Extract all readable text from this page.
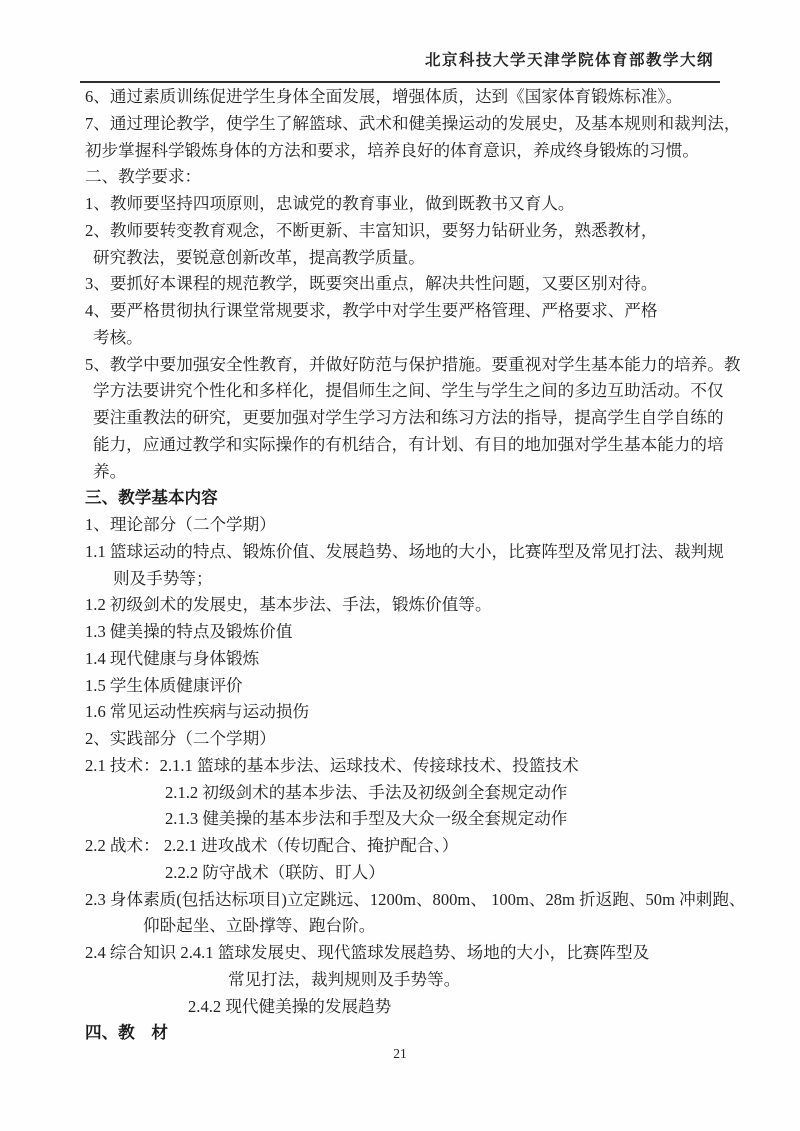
北京科技大学天津学院体育部教学大纲

6、通过素质训练促进学生身体全面发展，增强体质，达到《国家体育锻炼标准》。

7、通过理论教学，使学生了解篮球、武术和健美操运动的发展史，及基本规则和裁判法，

初步掌握科学锻炼身体的方法和要求，培养良好的体育意识，养成终身锻炼的习惯。

二、教学要求：

1、教师要坚持四项原则，忠诚党的教育事业，做到既教书又育人。

2、教师要转变教育观念，不断更新、丰富知识，要努力钻研业务，熟悉教材，

研究教法，要锐意创新改革，提高教学质量。

3、要抓好本课程的规范教学，既要突出重点，解决共性问题，又要区别对待。

4、要严格贯彻执行课堂常规要求，教学中对学生要严格管理、严格要求、严格

考核。

5、教学中要加强安全性教育，并做好防范与保护措施。要重视对学生基本能力的培养。教

学方法要讲究个性化和多样化，提倡师生之间、学生与学生之间的多边互助活动。不仅

要注重教法的研究，更要加强对学生学习方法和练习方法的指导，提高学生自学自练的

能力，应通过教学和实际操作的有机结合，有计划、有目的地加强对学生基本能力的培

养。

三、教学基本内容

1、理论部分（二个学期）

1.1 篮球运动的特点、锻炼价值、发展趋势、场地的大小，比赛阵型及常见打法、裁判规

则及手势等；

1.2 初级剑术的发展史，基本步法、手法，锻炼价值等。

1.3 健美操的特点及锻炼价值

1.4 现代健康与身体锻炼

1.5 学生体质健康评价

1.6 常见运动性疾病与运动损伤

2、实践部分（二个学期）

2.1 技术：2.1.1 篮球的基本步法、运球技术、传接球技术、投篮技术

2.1.2 初级剑术的基本步法、手法及初级剑全套规定动作

2.1.3 健美操的基本步法和手型及大众一级全套规定动作

2.2 战术： 2.2.1 进攻战术（传切配合、掩护配合、）

2.2.2 防守战术（联防、盯人）

2.3 身体素质(包括达标项目)立定跳远、1200m、800m、 100m、28m 折返跑、50m 冲刺跑、

仰卧起坐、立卧撑等、跑台阶。

2.4 综合知识 2.4.1 篮球发展史、现代篮球发展趋势、场地的大小，比赛阵型及

常见打法，裁判规则及手势等。

2.4.2 现代健美操的发展趋势

四、教　材

21
